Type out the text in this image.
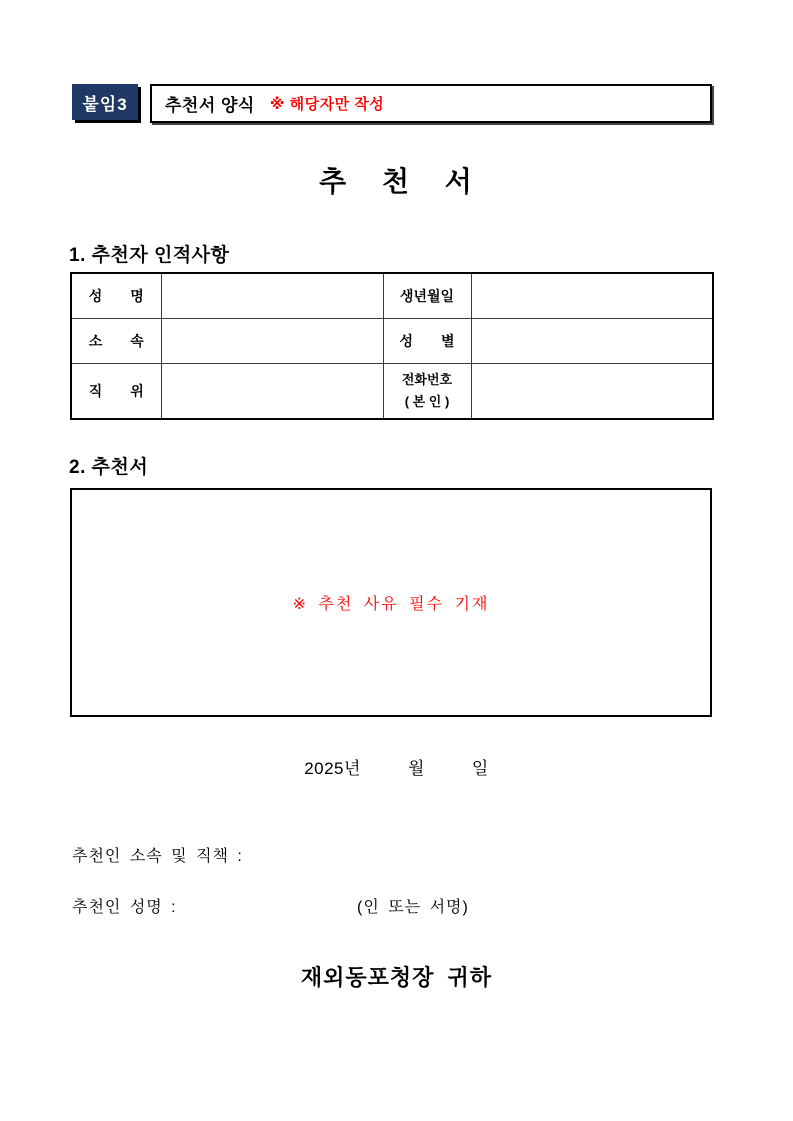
붙임3	추천서 양식 ※ 해당자만 작성
추 천 서
1. 추천자 인적사항
성　　명		생년월일	
소　　속		성　　별	
직　　위		전화번호
( 본 인 )	

2. 추천서
※ 추천 사유 필수 기재
2025년	월	일
추천인 소속 및 직책 :
추천인 성명 :	(인 또는 서명)
재외동포청장 귀하
